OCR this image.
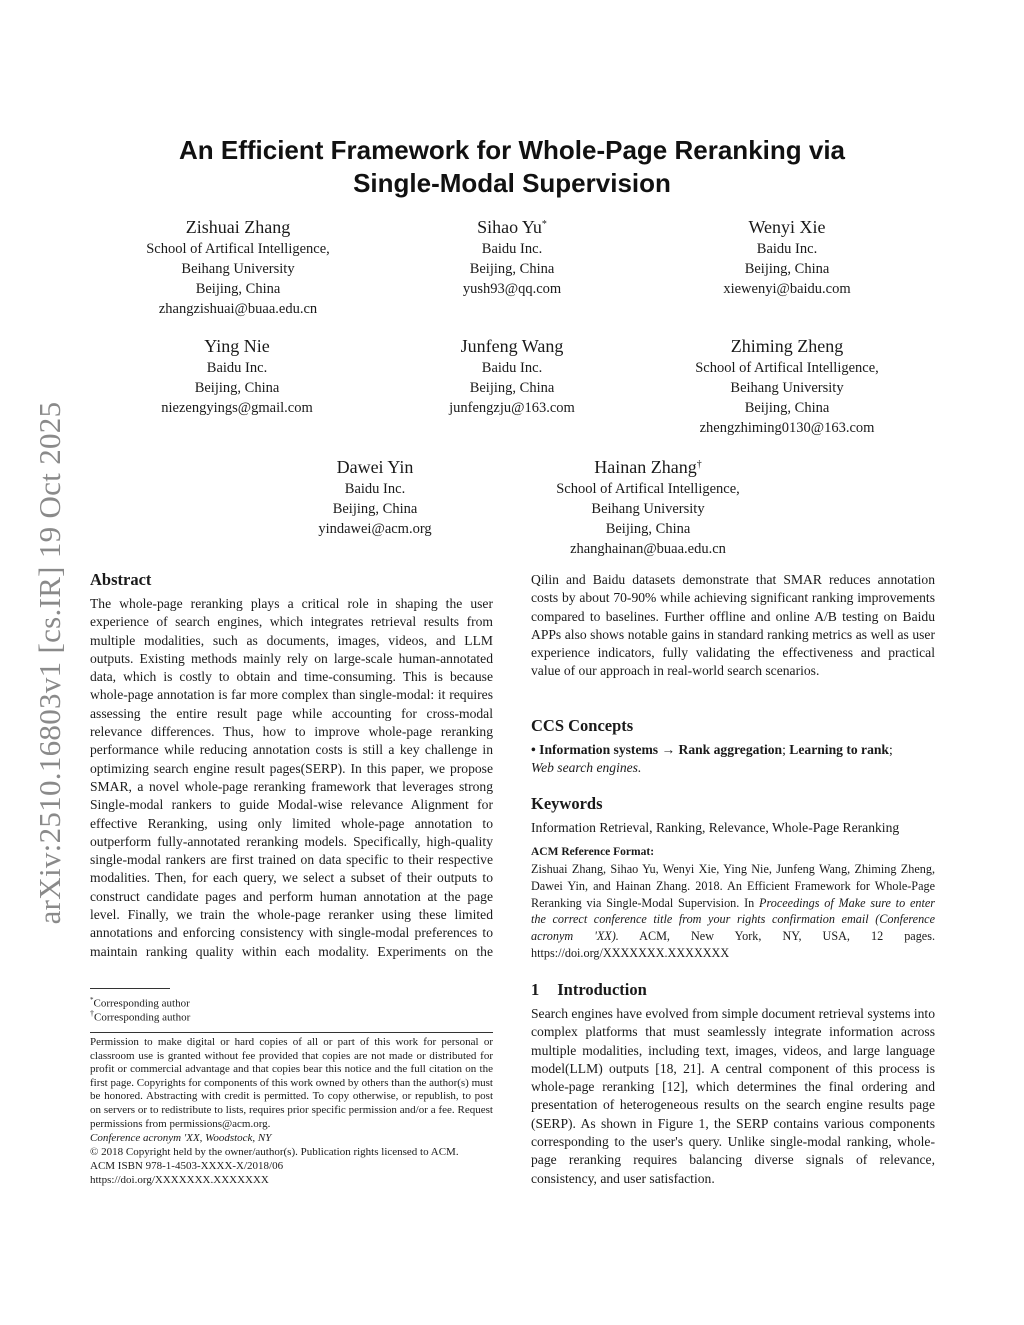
arXiv:2510.16803v1 [cs.IR] 19 Oct 2025
An Efficient Framework for Whole-Page Reranking via
Single-Modal Supervision
Zishuai Zhang
School of Artifical Intelligence,
Beihang University
Beijing, China
zhangzishuai@buaa.edu.cn
Sihao Yu*
Baidu Inc.
Beijing, China
yush93@qq.com
Wenyi Xie
Baidu Inc.
Beijing, China
xiewenyi@baidu.com
Ying Nie
Baidu Inc.
Beijing, China
niezengyings@gmail.com
Junfeng Wang
Baidu Inc.
Beijing, China
junfengzju@163.com
Zhiming Zheng
School of Artifical Intelligence,
Beihang University
Beijing, China
zhengzhiming0130@163.com
Dawei Yin
Baidu Inc.
Beijing, China
yindawei@acm.org
Hainan Zhang†
School of Artifical Intelligence,
Beihang University
Beijing, China
zhanghainan@buaa.edu.cn
Abstract
The whole-page reranking plays a critical role in shaping the user experience of search engines, which integrates retrieval results from multiple modalities, such as documents, images, videos, and LLM outputs. Existing methods mainly rely on large-scale human-annotated data, which is costly to obtain and time-consuming. This is because whole-page annotation is far more complex than single-modal: it requires assessing the entire result page while accounting for cross-modal relevance differences. Thus, how to improve whole-page reranking performance while reducing annotation costs is still a key challenge in optimizing search engine result pages(SERP). In this paper, we propose SMAR, a novel whole-page reranking framework that leverages strong Single-modal rankers to guide Modal-wise relevance Alignment for effective Reranking, using only limited whole-page annotation to outperform fully-annotated reranking models. Specifically, high-quality single-modal rankers are first trained on data specific to their respective modalities. Then, for each query, we select a subset of their outputs to construct candidate pages and perform human annotation at the page level. Finally, we train the whole-page reranker using these limited annotations and enforcing consistency with single-modal preferences to maintain ranking quality within each modality. Experiments on the
*Corresponding author
†Corresponding author
Permission to make digital or hard copies of all or part of this work for personal or classroom use is granted without fee provided that copies are not made or distributed for profit or commercial advantage and that copies bear this notice and the full citation on the first page. Copyrights for components of this work owned by others than the author(s) must be honored. Abstracting with credit is permitted. To copy otherwise, or republish, to post on servers or to redistribute to lists, requires prior specific permission and/or a fee. Request permissions from permissions@acm.org.
Conference acronym 'XX, Woodstock, NY
© 2018 Copyright held by the owner/author(s). Publication rights licensed to ACM.
ACM ISBN 978-1-4503-XXXX-X/2018/06
https://doi.org/XXXXXXX.XXXXXXX
Qilin and Baidu datasets demonstrate that SMAR reduces annotation costs by about 70-90% while achieving significant ranking improvements compared to baselines. Further offline and online A/B testing on Baidu APPs also shows notable gains in standard ranking metrics as well as user experience indicators, fully validating the effectiveness and practical value of our approach in real-world search scenarios.
CCS Concepts
• Information systems → Rank aggregation; Learning to rank;
Web search engines.
Keywords
Information Retrieval, Ranking, Relevance, Whole-Page Reranking
ACM Reference Format:
Zishuai Zhang, Sihao Yu, Wenyi Xie, Ying Nie, Junfeng Wang, Zhiming Zheng, Dawei Yin, and Hainan Zhang. 2018. An Efficient Framework for Whole-Page Reranking via Single-Modal Supervision. In Proceedings of Make sure to enter the correct conference title from your rights confirmation email (Conference acronym 'XX). ACM, New York, NY, USA, 12 pages. https://doi.org/XXXXXXX.XXXXXXX
1 Introduction
Search engines have evolved from simple document retrieval systems into complex platforms that must seamlessly integrate information across multiple modalities, including text, images, videos, and large language model(LLM) outputs [18, 21]. A central component of this process is whole-page reranking [12], which determines the final ordering and presentation of heterogeneous results on the search engine results page (SERP). As shown in Figure 1, the SERP contains various components corresponding to the user's query. Unlike single-modal ranking, whole-page reranking requires balancing diverse signals of relevance, consistency, and user satisfaction.
